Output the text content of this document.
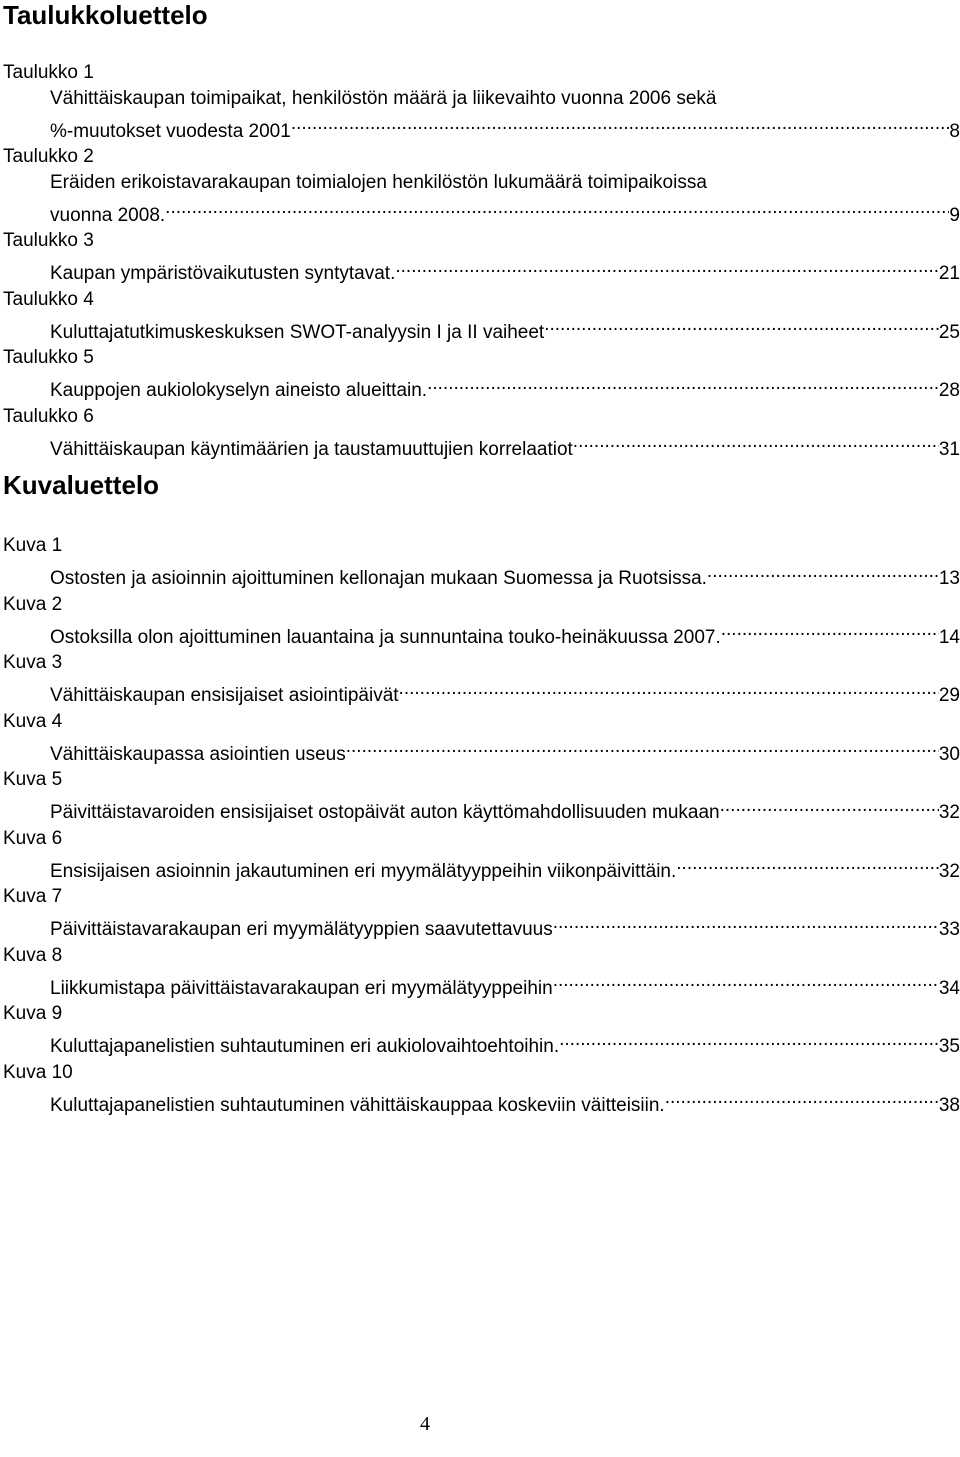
Taulukkoluettelo
Taulukko 1
Vähittäiskaupan toimipaikat, henkilöstön määrä ja liikevaihto vuonna 2006 sekä
%-muutokset vuodesta 2001 .....	8
Taulukko 2
Eräiden erikoistavarakaupan toimialojen henkilöstön lukumäärä toimipaikoissa
vuonna 2008. .....	9
Taulukko 3
Kaupan ympäristövaikutusten syntytavat. .....	21
Taulukko 4
Kuluttajatutkimuskeskuksen SWOT-analyysin I ja II vaiheet .....	25
Taulukko 5
Kauppojen aukiolokyselyn aineisto alueittain. .....	28
Taulukko 6
Vähittäiskaupan käyntimäärien ja taustamuuttujien korrelaatiot .....	31
Kuvaluettelo
Kuva 1
Ostosten ja asioinnin ajoittuminen kellonajan mukaan Suomessa ja Ruotsissa. .....	13
Kuva 2
Ostoksilla olon ajoittuminen lauantaina ja sunnuntaina touko-heinäkuussa 2007. .....	14
Kuva 3
Vähittäiskaupan ensisijaiset asiointipäivät .....	29
Kuva 4
Vähittäiskaupassa asiointien useus .....	30
Kuva 5
Päivittäistavaroiden ensisijaiset ostopäivät auton käyttömahdollisuuden mukaan .....	32
Kuva 6
Ensisijaisen asioinnin jakautuminen eri myymälätyyppeihin viikonpäivittäin. .....	32
Kuva 7
Päivittäistavarakaupan eri myymälätyyppien saavutettavuus .....	33
Kuva 8
Liikkumistapa päivittäistavarakaupan eri myymälätyyppeihin .....	34
Kuva 9
Kuluttajapanelistien suhtautuminen eri aukiolovaihtoehtoihin. .....	35
Kuva 10
Kuluttajapanelistien suhtautuminen vähittäiskauppaa koskeviin väitteisiin. .....	38
4
